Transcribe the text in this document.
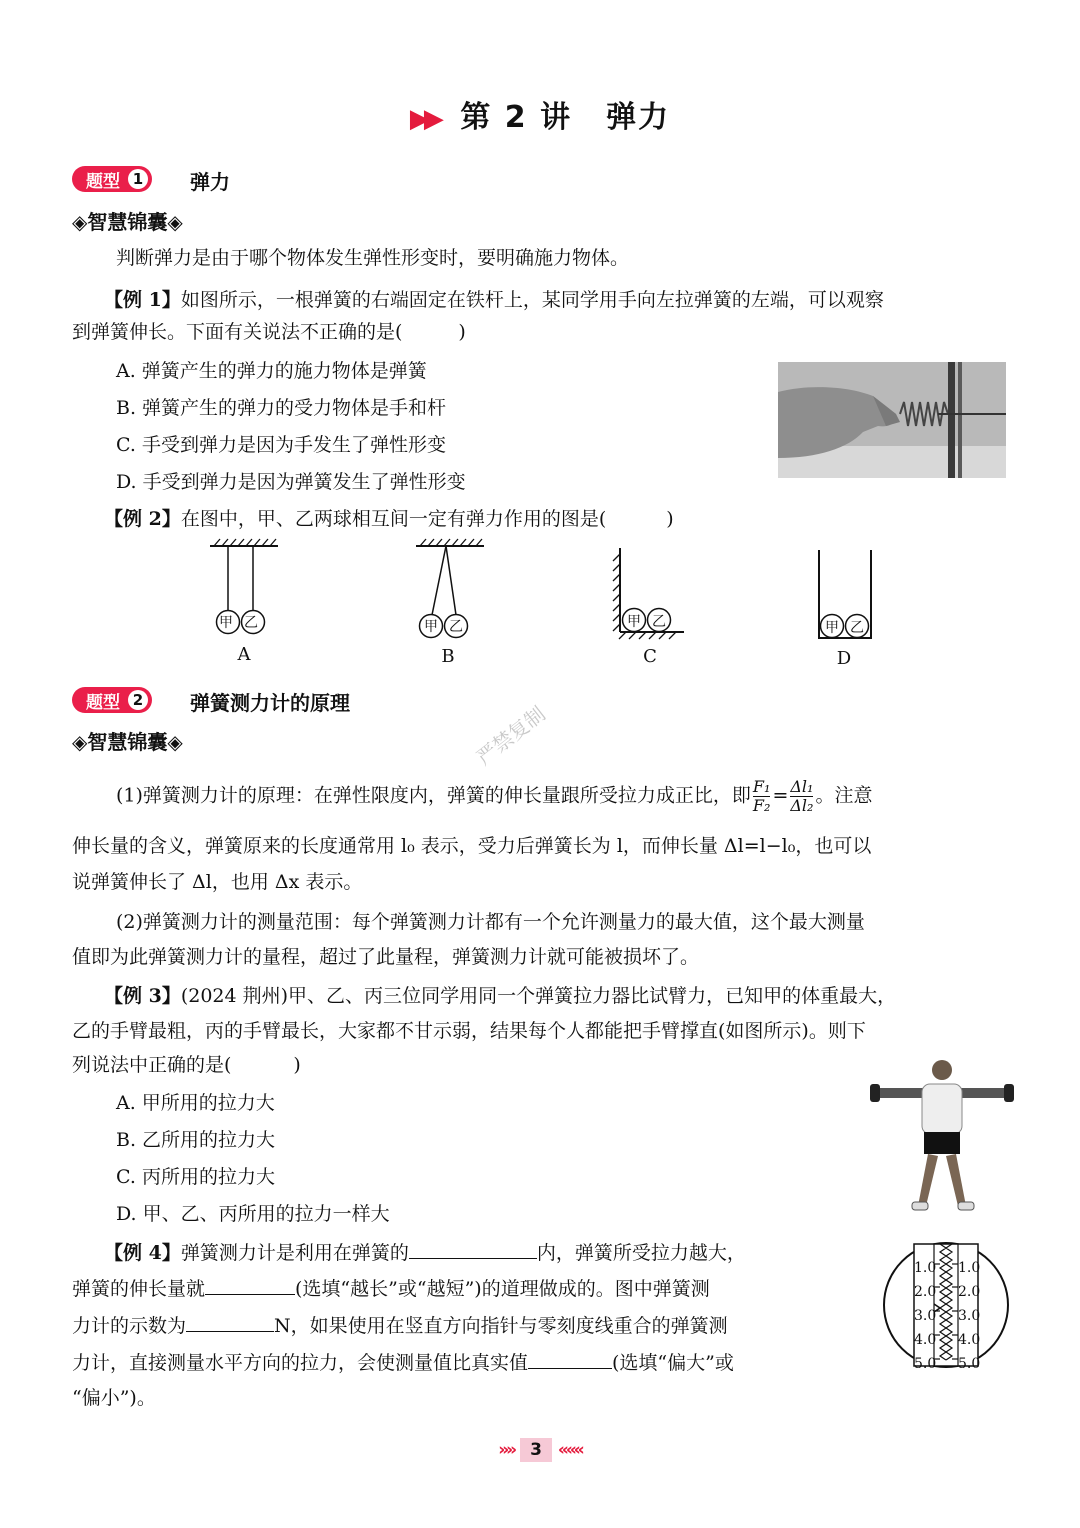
▶▶ 第 2 讲 弹力
题型 1 弹力
◈智慧锦囊◈
判断弹力是由于哪个物体发生弹性形变时，要明确施力物体。
【例 1】如图所示，一根弹簧的右端固定在铁杆上，某同学用手向左拉弹簧的左端，可以观察
到弹簧伸长。下面有关说法不正确的是(	)
A. 弹簧产生的弹力的施力物体是弹簧
B. 弹簧产生的弹力的受力物体是手和杆
C. 手受到弹力是因为手发生了弹性形变
D. 手受到弹力是因为弹簧发生了弹性形变
【例 2】在图中，甲、乙两球相互间一定有弹力作用的图是(	)
甲 乙
A
甲 乙
B
甲 乙
C
甲 乙
D
题型 2 弹簧测力计的原理
◈智慧锦囊◈	严禁复制
(1)弹簧测力计的原理：在弹性限度内，弹簧的伸长量跟所受拉力成正比，即 $\frac{\text{F₁}}{\text{F₂}} = \frac{\text{Δl₁}}{\text{Δl₂}}$ 。注意
伸长量的含义，弹簧原来的长度通常用 l₀ 表示，受力后弹簧长为 l，而伸长量 Δl=l−l₀，也可以
说弹簧伸长了 Δl，也用 Δx 表示。
(2)弹簧测力计的测量范围：每个弹簧测力计都有一个允许测量力的最大值，这个最大测量
值即为此弹簧测力计的量程，超过了此量程，弹簧测力计就可能被损坏了。
【例 3】(2024 荆州)甲、乙、丙三位同学用同一个弹簧拉力器比试臂力，已知甲的体重最大，
乙的手臂最粗，丙的手臂最长，大家都不甘示弱，结果每个人都能把手臂撑直(如图所示)。则下
列说法中正确的是(	)
A. 甲所用的拉力大
B. 乙所用的拉力大
C. 丙所用的拉力大
D. 甲、乙、丙所用的拉力一样大
【例 4】弹簧测力计是利用在弹簧的	内，弹簧所受拉力越大，
弹簧的伸长量就	(选填“越长”或“越短”)的道理做成的。图中弹簧测
力计的示数为	N，如果使用在竖直方向指针与零刻度线重合的弹簧测
力计，直接测量水平方向的拉力，会使测量值比真实值	(选填“偏大”或
“偏小”)。
1.0
2.0
3.0
4.0
5.0
1.0
2.0
3.0
4.0
5.0
»» 3 «««
